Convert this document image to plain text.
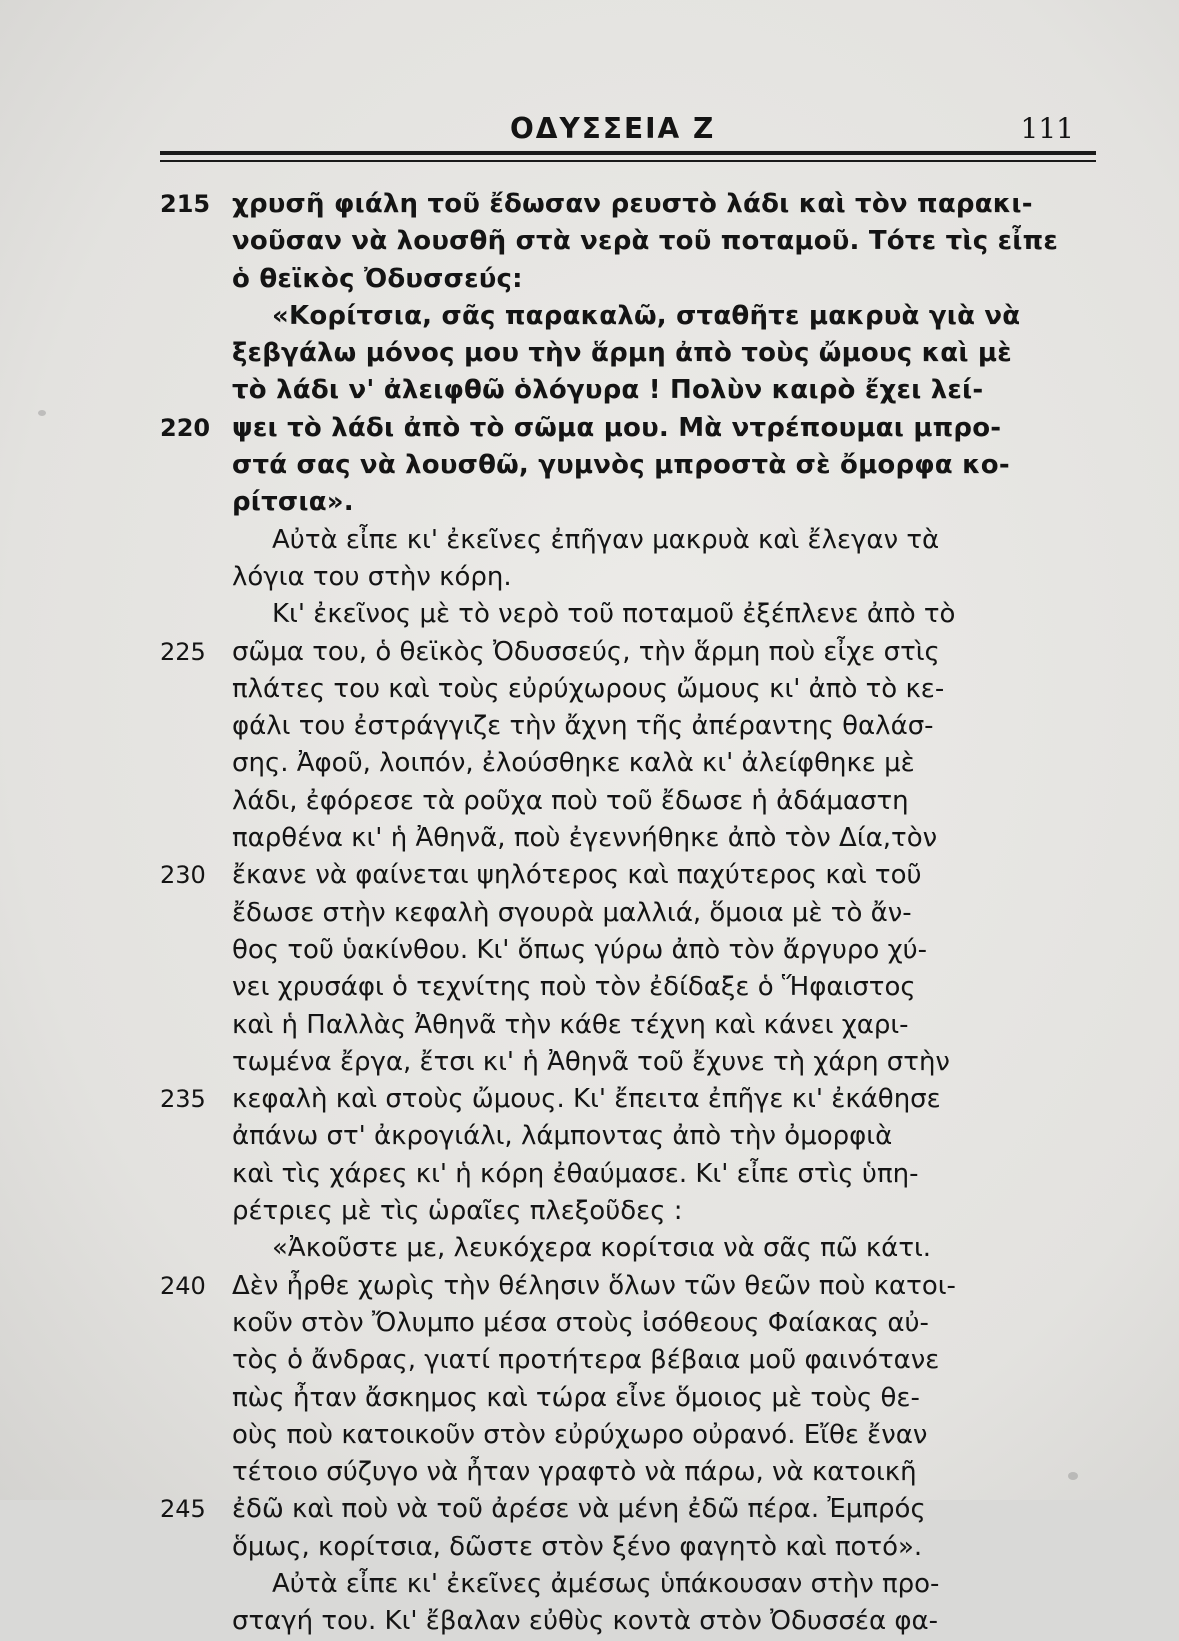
ΟΔΥΣΣΕΙΑ Ζ	111
215 χρυσῆ φιάλη τοῦ ἔδωσαν ρευστὸ λάδι καὶ τὸν παρακι-
νοῦσαν νὰ λουσθῆ στὰ νερὰ τοῦ ποταμοῦ. Τότε τὶς εἶπε
ὁ θεϊκὸς Ὀδυσσεύς:
«Κορίτσια, σᾶς παρακαλῶ, σταθῆτε μακρυὰ γιὰ νὰ
ξεβγάλω μόνος μου τὴν ἅρμη ἀπὸ τοὺς ὤμους καὶ μὲ
τὸ λάδι ν' ἀλειφθῶ ὁλόγυρα ! Πολὺν καιρὸ ἔχει λεί-
220 ψει τὸ λάδι ἀπὸ τὸ σῶμα μου. Μὰ ντρέπουμαι μπρο-
στά σας νὰ λουσθῶ, γυμνὸς μπροστὰ σὲ ὄμορφα κο-
ρίτσια».
Αὐτὰ εἶπε κι' ἐκεῖνες ἐπῆγαν μακρυὰ καὶ ἔλεγαν τὰ
λόγια του στὴν κόρη.
Κι' ἐκεῖνος μὲ τὸ νερὸ τοῦ ποταμοῦ ἐξέπλενε ἀπὸ τὸ
225	σῶμα του, ὁ θεϊκὸς Ὀδυσσεύς, τὴν ἅρμη ποὺ εἶχε στὶς
πλάτες του καὶ τοὺς εὐρύχωρους ὤμους κι' ἀπὸ τὸ κε-
φάλι του ἐστράγγιζε τὴν ἄχνη τῆς ἀπέραντης θαλάσ-
σης. Ἀφοῦ, λοιπόν, ἐλούσθηκε καλὰ κι' ἀλείφθηκε μὲ
λάδι, ἐφόρεσε τὰ ροῦχα ποὺ τοῦ ἔδωσε ἡ ἀδάμαστη
παρθένα κι' ἡ Ἀθηνᾶ, ποὺ ἐγεννήθηκε ἀπὸ τὸν Δία,τὸν
230	ἔκανε νὰ φαίνεται ψηλότερος καὶ παχύτερος καὶ τοῦ
ἔδωσε στὴν κεφαλὴ σγουρὰ μαλλιά, ὅμοια μὲ τὸ ἄν-
θος τοῦ ὑακίνθου. Κι' ὅπως γύρω ἀπὸ τὸν ἄργυρο χύ-
νει χρυσάφι ὁ τεχνίτης ποὺ τὸν ἐδίδαξε ὁ Ἥφαιστος
καὶ ἡ Παλλὰς Ἀθηνᾶ τὴν κάθε τέχνη καὶ κάνει χαρι-
τωμένα ἔργα, ἔτσι κι' ἡ Ἀθηνᾶ τοῦ ἔχυνε τὴ χάρη στὴν
235	κεφαλὴ καὶ στοὺς ὤμους. Κι' ἔπειτα ἐπῆγε κι' ἐκάθησε
ἀπάνω στ' ἀκρογιάλι, λάμποντας ἀπὸ τὴν ὀμορφιὰ
καὶ τὶς χάρες κι' ἡ κόρη ἐθαύμασε. Κι' εἶπε στὶς ὑπη-
ρέτριες μὲ τὶς ὡραῖες πλεξοῦδες :
«Ἀκοῦστε με, λευκόχερα κορίτσια νὰ σᾶς πῶ κάτι.
240	Δὲν ἦρθε χωρὶς τὴν θέλησιν ὅλων τῶν θεῶν ποὺ κατοι-
κοῦν στὸν Ὄλυμπο μέσα στοὺς ἰσόθεους Φαίακας αὐ-
τὸς ὁ ἄνδρας, γιατί προτήτερα βέβαια μοῦ φαινότανε
πὼς ἦταν ἄσκημος καὶ τώρα εἶνε ὅμοιος μὲ τοὺς θε-
οὺς ποὺ κατοικοῦν στὸν εὐρύχωρο οὐρανό. Εἴθε ἔναν
τέτοιο σύζυγο νὰ ἦταν γραφτὸ νὰ πάρω, νὰ κατοικῆ
245	ἐδῶ καὶ ποὺ νὰ τοῦ ἀρέσε νὰ μένη ἐδῶ πέρα. Ἐμπρός
ὅμως, κορίτσια, δῶστε στὸν ξένο φαγητὸ καὶ ποτό».
Αὐτὰ εἶπε κι' ἐκεῖνες ἀμέσως ὑπάκουσαν στὴν προ-
σταγή του. Κι' ἔβαλαν εὐθὺς κοντὰ στὸν Ὀδυσσέα φα-
